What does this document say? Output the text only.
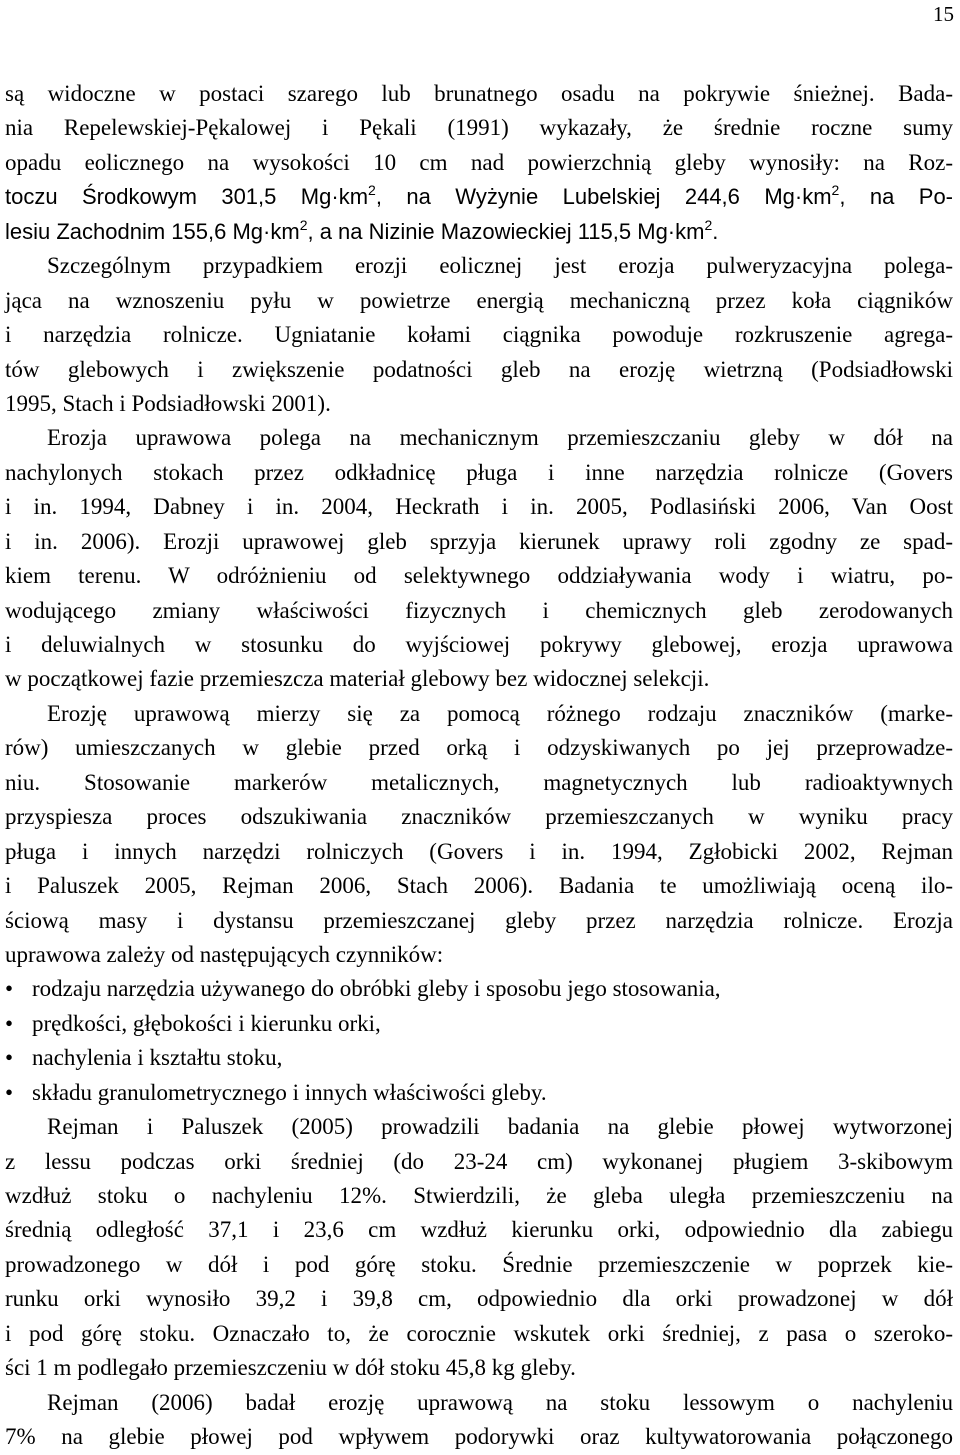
15
są widoczne w postaci szarego lub brunatnego osadu na pokrywie śnieżnej. Bada-
nia Repelewskiej-Pękalowej i Pękali (1991) wykazały, że średnie roczne sumy
opadu eolicznego na wysokości 10 cm nad powierzchnią gleby wynosiły: na Roz-
toczu Środkowym 301,5 $Mg\cdot km^2$, na Wyżynie Lubelskiej 244,6 $Mg\cdot km^2$, na Po-
lesiu Zachodnim 155,6 $Mg\cdot km^2$, a na Nizinie Mazowieckiej 115,5 $Mg\cdot km^2$.
Szczególnym przypadkiem erozji eolicznej jest erozja pulweryzacyjna polega-
jąca na wznoszeniu pyłu w powietrze energią mechaniczną przez koła ciągników
i narzędzia rolnicze. Ugniatanie kołami ciągnika powoduje rozkruszenie agrega-
tów glebowych i zwiększenie podatności gleb na erozję wietrzną (Podsiadłowski
1995, Stach i Podsiadłowski 2001).
Erozja uprawowa polega na mechanicznym przemieszczaniu gleby w dół na
nachylonych stokach przez odkładnicę pługa i inne narzędzia rolnicze (Govers
i in. 1994, Dabney i in. 2004, Heckrath i in. 2005, Podlasiński 2006, Van Oost
i in. 2006). Erozji uprawowej gleb sprzyja kierunek uprawy roli zgodny ze spad-
kiem terenu. W odróżnieniu od selektywnego oddziaływania wody i wiatru, po-
wodującego zmiany właściwości fizycznych i chemicznych gleb zerodowanych
i deluwialnych w stosunku do wyjściowej pokrywy glebowej, erozja uprawowa
w początkowej fazie przemieszcza materiał glebowy bez widocznej selekcji.
Erozję uprawową mierzy się za pomocą różnego rodzaju znaczników (marke-
rów) umieszczanych w glebie przed orką i odzyskiwanych po jej przeprowadze-
niu. Stosowanie markerów metalicznych, magnetycznych lub radioaktywnych
przyspiesza proces odszukiwania znaczników przemieszczanych w wyniku pracy
pługa i innych narzędzi rolniczych (Govers i in. 1994, Zgłobicki 2002, Rejman
i Paluszek 2005, Rejman 2006, Stach 2006). Badania te umożliwiają oceną ilo-
ściową masy i dystansu przemieszczanej gleby przez narzędzia rolnicze. Erozja
uprawowa zależy od następujących czynników:
• rodzaju narzędzia używanego do obróbki gleby i sposobu jego stosowania,
• prędkości, głębokości i kierunku orki,
• nachylenia i kształtu stoku,
• składu granulometrycznego i innych właściwości gleby.
Rejman i Paluszek (2005) prowadzili badania na glebie płowej wytworzonej
z lessu podczas orki średniej (do 23-24 cm) wykonanej pługiem 3-skibowym
wzdłuż stoku o nachyleniu 12%. Stwierdzili, że gleba uległa przemieszczeniu na
średnią odległość 37,1 i 23,6 cm wzdłuż kierunku orki, odpowiednio dla zabiegu
prowadzonego w dół i pod górę stoku. Średnie przemieszczenie w poprzek kie-
runku orki wynosiło 39,2 i 39,8 cm, odpowiednio dla orki prowadzonej w dół
i pod górę stoku. Oznaczało to, że corocznie wskutek orki średniej, z pasa o szeroko-
ści 1 m podlegało przemieszczeniu w dół stoku 45,8 kg gleby.
Rejman (2006) badał erozję uprawową na stoku lessowym o nachyleniu
7% na glebie płowej pod wpływem podorywki oraz kultywatorowania połączonego
